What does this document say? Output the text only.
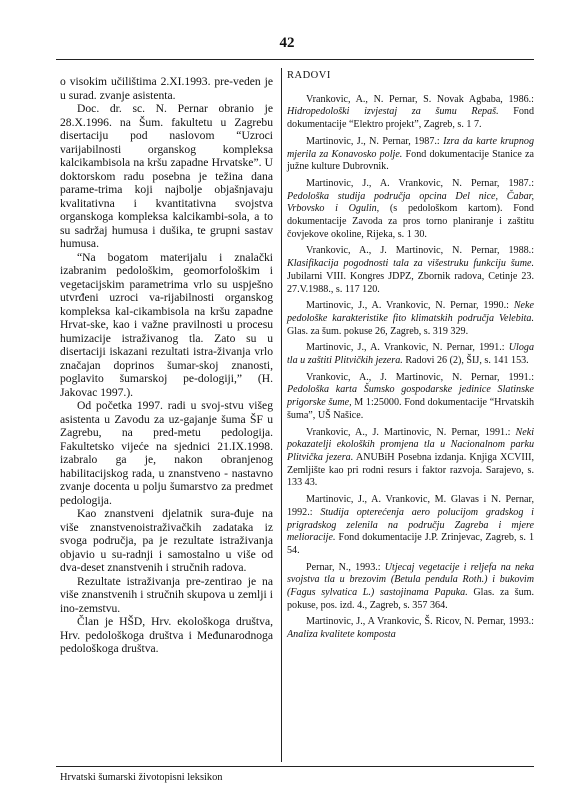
42

o visokim učilištima 2.XI.1993. pre-veden je u surad. zvanje asistenta.

Doc. dr. sc. N. Pernar obranio je 28.X.1996. na Šum. fakultetu u Zagrebu disertaciju pod naslovom “Uzroci varijabilnosti organskog kompleksa kalcikambisola na kršu zapadne Hrvatske”. U doktorskom radu posebna je težina dana parame-trima koji najbolje objašnjavaju kvalitativna i kvantitativna svojstva organskoga kompleksa kalcikambi-sola, a to su sadržaj humusa i dušika, te grupni sastav humusa.

“Na bogatom materijalu i znalački izabranim pedološkim, geomorfološkim i vegetacijskim parametrima vrlo su uspješno utvrđeni uzroci va-rijabilnosti organskog kompleksa kal-cikambisola na kršu zapadne Hrvat-ske, kao i važne pravilnosti u procesu humizacije istraživanog tla. Zato su u disertaciji iskazani rezultati istra-živanja vrlo značajan doprinos šumar-skoj znanosti, poglavito šumarskoj pe-dologiji,” (H. Jakovac 1997.).

Od početka 1997. radi u svoj-stvu višeg asistenta u Zavodu za uz-gajanje šuma ŠF u Zagrebu, na pred-metu pedologija. Fakultetsko vijeće na sjednici 21.IX.1998. izabralo ga je, nakon obranjenog habilitacijskog rada, u znanstveno - nastavno zvanje docenta u polju šumarstvo za predmet pedologija.

Kao znanstveni djelatnik sura-đuje na više znanstvenoistraživačkih zadataka iz svoga područja, pa je rezultate istraživanja objavio u su-radnji i samostalno u više od dva-deset znanstvenih i stručnih radova.

Rezultate istraživanja pre-zentirao je na više znanstvenih i stručnih skupova u zemlji i ino-zemstvu.

Član je HŠD, Hrv. ekološkoga društva, Hrv. pedološkoga društva i Međunarodnoga pedološkoga društva.

RADOVI

Vrankovic, A., N. Pernar, S. Novak Agbaba, 1986.: Hidropedološki izvjestaj za šumu Repaš. Fond dokumentacije “Elektro projekt”, Zagreb, s. 1 7.

Martinovic, J., N. Pernar, 1987.: Izra da karte krupnog mjerila za Konavosko polje. Fond dokumentacije Stanice za južne kulture Dubrovnik.

Martinovic, J., A. Vrankovic, N. Pernar, 1987.: Pedološka studija područja opcina Del nice, Čabar, Vrbovsko i Ogulin, (s pedološkom kartom). Fond dokumentacije Zavoda za pros torno planiranje i zaštitu čovjekove okoline, Rijeka, s. 1 30.

Vrankovic, A., J. Martinovic, N. Pernar, 1988.: Klasifikacija pogodnosti tala za višestruku funkciju šume. Jubilarni VIII. Kongres JDPZ, Zbornik radova, Cetinje 23. 27.V.1988., s. 117 120.

Martinovic, J., A. Vrankovic, N. Pernar, 1990.: Neke pedološke karakteristike fito klimatskih područja Velebita. Glas. za šum. pokuse 26, Zagreb, s. 319 329.

Martinovic, J., A. Vrankovic, N. Pernar, 1991.: Uloga tla u zaštiti Plitvičkih jezera. Radovi 26 (2), ŠIJ, s. 141 153.

Vrankovic, A., J. Martinovic, N. Pernar, 1991.: Pedološka karta Šumsko gospodarske jedinice Slatinske prigorske šume, M 1:25000. Fond dokumentacije “Hrvatskih šuma”, UŠ Našice.

Vrankovic, A., J. Martinovic, N. Pernar, 1991.: Neki pokazatelji ekoloških promjena tla u Nacionalnom parku Plitvička jezera. ANUBiH Posebna izdanja. Knjiga XCVIII, Zemljište kao pri rodni resurs i faktor razvoja. Sarajevo, s. 133 43.

Martinovic, J., A. Vrankovic, M. Glavas i N. Pernar, 1992.: Studija opterećenja aero polucijom gradskog i prigradskog zelenila na području Zagreba i mjere melioracije. Fond dokumentacije J.P. Zrinjevac, Zagreb, s. 1 54.

Pernar, N., 1993.: Utjecaj vegetacije i reljefa na neka svojstva tla u brezovim (Betula pendula Roth.) i bukovim (Fagus sylvatica L.) sastojinama Papuka. Glas. za šum. pokuse, pos. izd. 4., Zagreb, s. 357 364.

Martinovic, J., A Vrankovic, Š. Ricov, N. Pernar, 1993.: Analiza kvalitete komposta

Hrvatski šumarski životopisni leksikon
